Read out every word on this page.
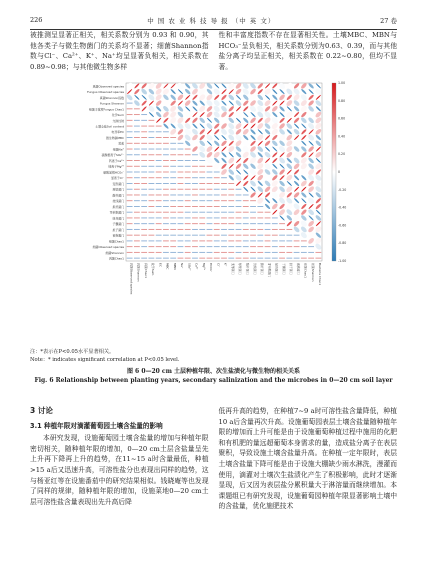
226	中 国 农 业 科 技 导 报 （中 英 文）	27 卷
被推测呈显著正相关，相关系数分别为 0.93 和 0.90，其他各类子与微生物菌门的关系均不显著；细菌Shannon指数与Cl⁻、Ca²⁺、K⁺、Na⁺均呈显著负相关，相关系数在 0.89~0.98；与其他微生物多样
性和丰富度指数不存在显著相关性。土壤MBC、MBN与HCO₃⁻呈负相关，相关系数分别为0.63、0.39，而与其他盐分离子均呈正相关，相关系数在 0.22~0.80，但均不显著。
真菌Observed species
Fungus Observed species
真菌Shannon指数
Fungus Shannon
细菌丰富度Fungus Chao1
化学Sum
交换性钠
土壤全盐Soil content
电导率EC
微生物碳MBC
氮素
细菌Na⁺
硫酸根离子SO₄²⁻
钙离子Ca²⁺
镁离子Mg²⁺
碳酸氢根HCO₃⁻
氯离子Cl⁻
变形菌门
厚壁菌门
酸杆菌门
放线菌门
拟杆菌门
芽单胞菌门
绿弯菌门
子囊菌门
担子菌门
被孢霉门
细菌Chao1
细菌Observed species
细菌Shannon
真菌Chao1
真菌Observed species	真菌Shannon	真菌Chao1	化学Sum	EC MBC MBN Na⁺ SO₄²⁻ Ca²⁺ Mg²⁺ HCO₃⁻ Cl⁻ K⁺ 变形菌门	厚壁菌门	酸杆菌门	放线菌门	拟杆菌门	芽单胞菌门	绿弯菌门	子囊菌门	担子菌门	被孢霉门	细菌Chao1	细菌Shannon	Bacteria Chao1
1.00
0.80
0.60
0.40
0.20
0
-0.20
-0.40
-0.60
-0.80
-1.00
注：*表示在P<0.05水平显著相关。
Note：* indicates significant correlation at P<0.05 level.
图 6 0—20 cm 土层种植年限、次生盐渍化与微生物的相关关系
Fig. 6 Relationship between planting years, secondary salinization and the microbes in 0—20 cm soil layer
3 讨论
3.1 种植年限对滴灌葡萄园土壤含盐量的影响
本研究发现，设施葡萄园土壤含盐量的增加与种植年限密切相关，随种植年限的增加，0—20 cm土层含盐量呈先上升再下降再上升的趋势，在11~15 a时含量最低，种植>15 a后又迅速升高，可溶性盐分也表现出同样的趋势，这与杨亚红等在设施番茄中的研究结果相似。钱晓庵等也发现了同样的规律，随种植年限的增加，设施菜地0—20 cm土层可溶性盐含量表现出先升高后降
低再升高的趋势，在种植7~9 a时可溶性盐含量降低，种植10 a后含量再次升高。设施葡萄园表层土壤含盐量随种植年限的增加而上升可能是由于设施葡萄种植过程中施用的化肥和有机肥的量远超葡萄本身需求的量，造成盐分离子在表层聚积，导致设施土壤含盐量升高。在种植一定年限时，表层土壤含盐量下降可能是由于设施大棚缺少雨水淋洗，漫灌而使用，滴灌对土壤次生盐渍化产生了积极影响，此时才逐渐显现，后又因为表层盐分累积量大于淋溶量而继续增加。本课题组已有研究发现，设施葡萄园种植年限显著影响土壤中的含盐量，优化施肥技术
